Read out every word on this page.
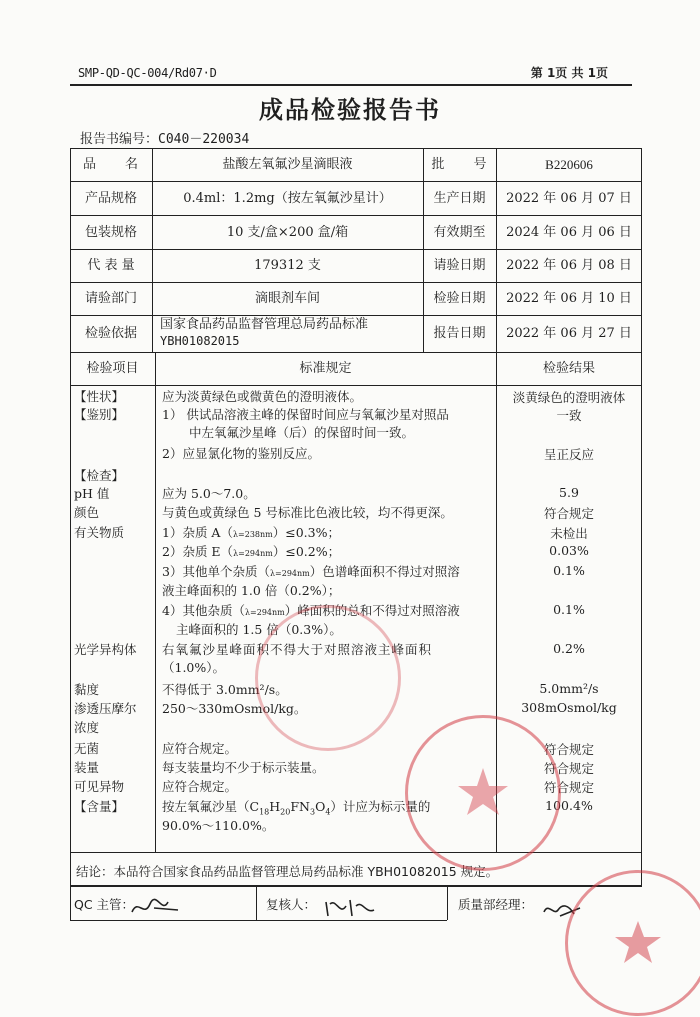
SMP-QD-QC-004/Rd07·D	第 1页 共 1页
成品检验报告书
报告书编号：C040－220034
品　　名	盐酸左氧氟沙星滴眼液	批　　号	B220606
产品规格	0.4ml：1.2mg（按左氧氟沙星计）	生产日期	2022 年 06 月 07 日
包装规格	10 支/盒×200 盒/箱	有效期至	2024 年 06 月 06 日
代 表 量	179312 支	请验日期	2022 年 06 月 08 日
请验部门	滴眼剂车间	检验日期	2022 年 06 月 10 日
检验依据
国家食品药品监督管理总局药品标准
YBH01082015	报告日期	2022 年 06 月 27 日
检验项目	标准规定	检验结果
【性状】	应为淡黄绿色或微黄色的澄明液体。	淡黄绿色的澄明液体
【鉴别】	1） 供试品溶液主峰的保留时间应与氧氟沙星对照品	一致
中左氧氟沙星峰（后）的保留时间一致。
2）应显氯化物的鉴别反应。	呈正反应
【检查】
pH 值	应为 5.0～7.0。	5.9
颜色	与黄色或黄绿色 5 号标准比色液比较，均不得更深。	符合规定
有关物质	1）杂质 A（λ=238nm）≤0.3%；	未检出
2）杂质 E（λ=294nm）≤0.2%；	0.03%
3）其他单个杂质（λ=294nm）色谱峰面积不得过对照溶	0.1%
液主峰面积的 1.0 倍（0.2%）；
4）其他杂质（λ=294nm）峰面积的总和不得过对照溶液	0.1%
主峰面积的 1.5 倍（0.3%）。
光学异构体 右氧氟沙星峰面积不得大于对照溶液主峰面积	0.2%
（1.0%）。
黏度	不得低于 3.0mm²/s。	5.0mm²/s
渗透压摩尔 250～330mOsmol/kg。	308mOsmol/kg
浓度
无菌	应符合规定。	符合规定
装量	每支装量均不少于标示装量。	符合规定
可见异物	应符合规定。	符合规定
【含量】	按左氧氟沙星$(C_{18}H_{20}FN_3O_4)$计应为标示量的	100.4%
90.0%～110.0%。
结论：本品符合国家食品药品监督管理总局药品标准 YBH01082015 规定。
QC 主管：	复核人：	质量部经理：
